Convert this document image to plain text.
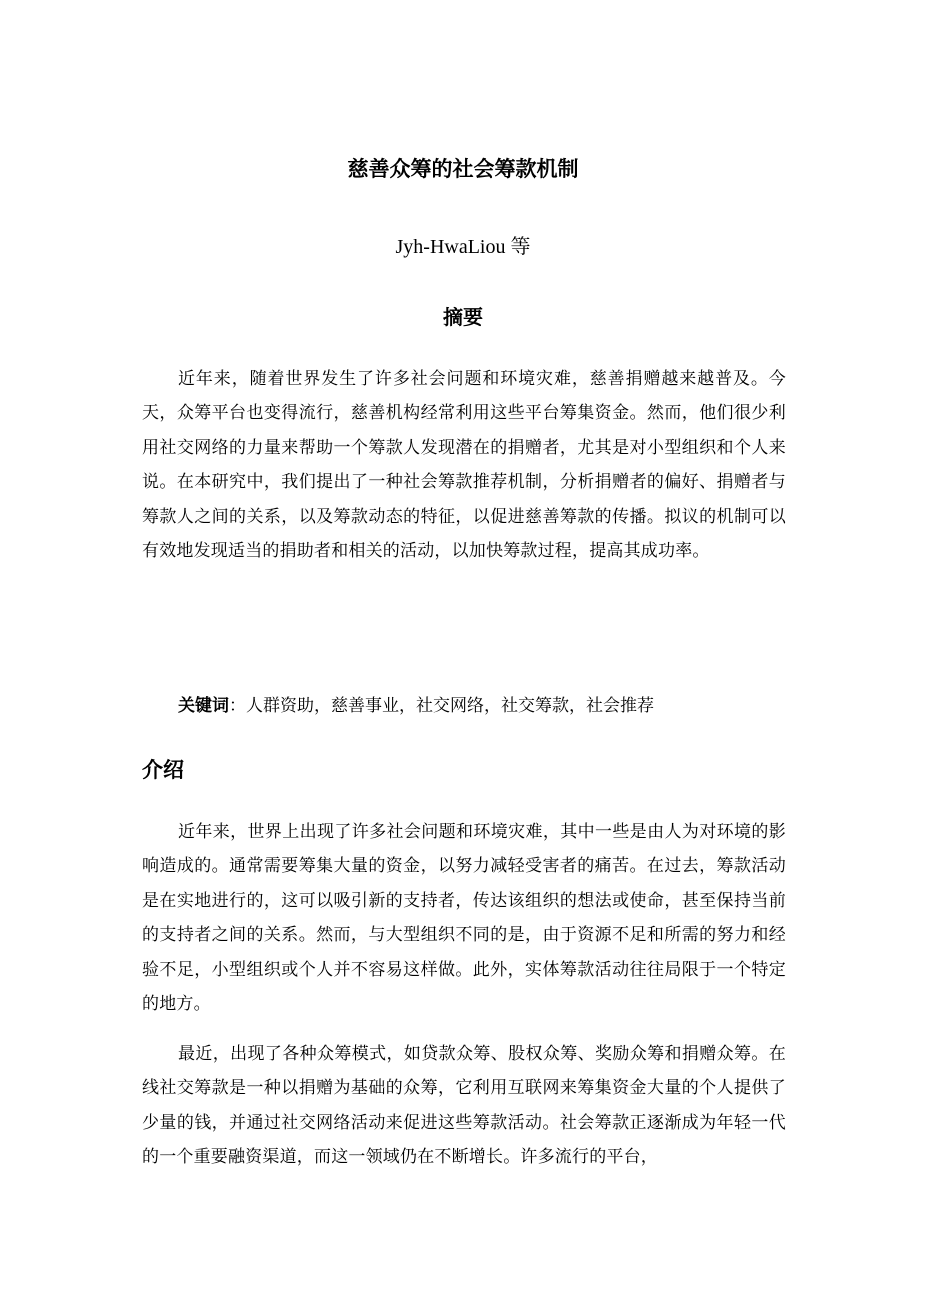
慈善众筹的社会筹款机制
Jyh-HwaLiou 等
摘要

近年来，随着世界发生了许多社会问题和环境灾难，慈善捐赠越来越普及。今天，众筹平台也变得流行，慈善机构经常利用这些平台筹集资金。然而，他们很少利用社交网络的力量来帮助一个筹款人发现潜在的捐赠者，尤其是对小型组织和个人来说。在本研究中，我们提出了一种社会筹款推荐机制，分析捐赠者的偏好、捐赠者与筹款人之间的关系，以及筹款动态的特征，以促进慈善筹款的传播。拟议的机制可以有效地发现适当的捐助者和相关的活动，以加快筹款过程，提高其成功率。

关键词：人群资助，慈善事业，社交网络，社交筹款，社会推荐
介绍

近年来，世界上出现了许多社会问题和环境灾难，其中一些是由人为对环境的影响造成的。通常需要筹集大量的资金，以努力减轻受害者的痛苦。在过去，筹款活动是在实地进行的，这可以吸引新的支持者，传达该组织的想法或使命，甚至保持当前的支持者之间的关系。然而，与大型组织不同的是，由于资源不足和所需的努力和经验不足，小型组织或个人并不容易这样做。此外，实体筹款活动往往局限于一个特定的地方。

最近，出现了各种众筹模式，如贷款众筹、股权众筹、奖励众筹和捐赠众筹。在线社交筹款是一种以捐赠为基础的众筹，它利用互联网来筹集资金大量的个人提供了少量的钱，并通过社交网络活动来促进这些筹款活动。社会筹款正逐渐成为年轻一代的一个重要融资渠道，而这一领域仍在不断增长。许多流行的平台，
